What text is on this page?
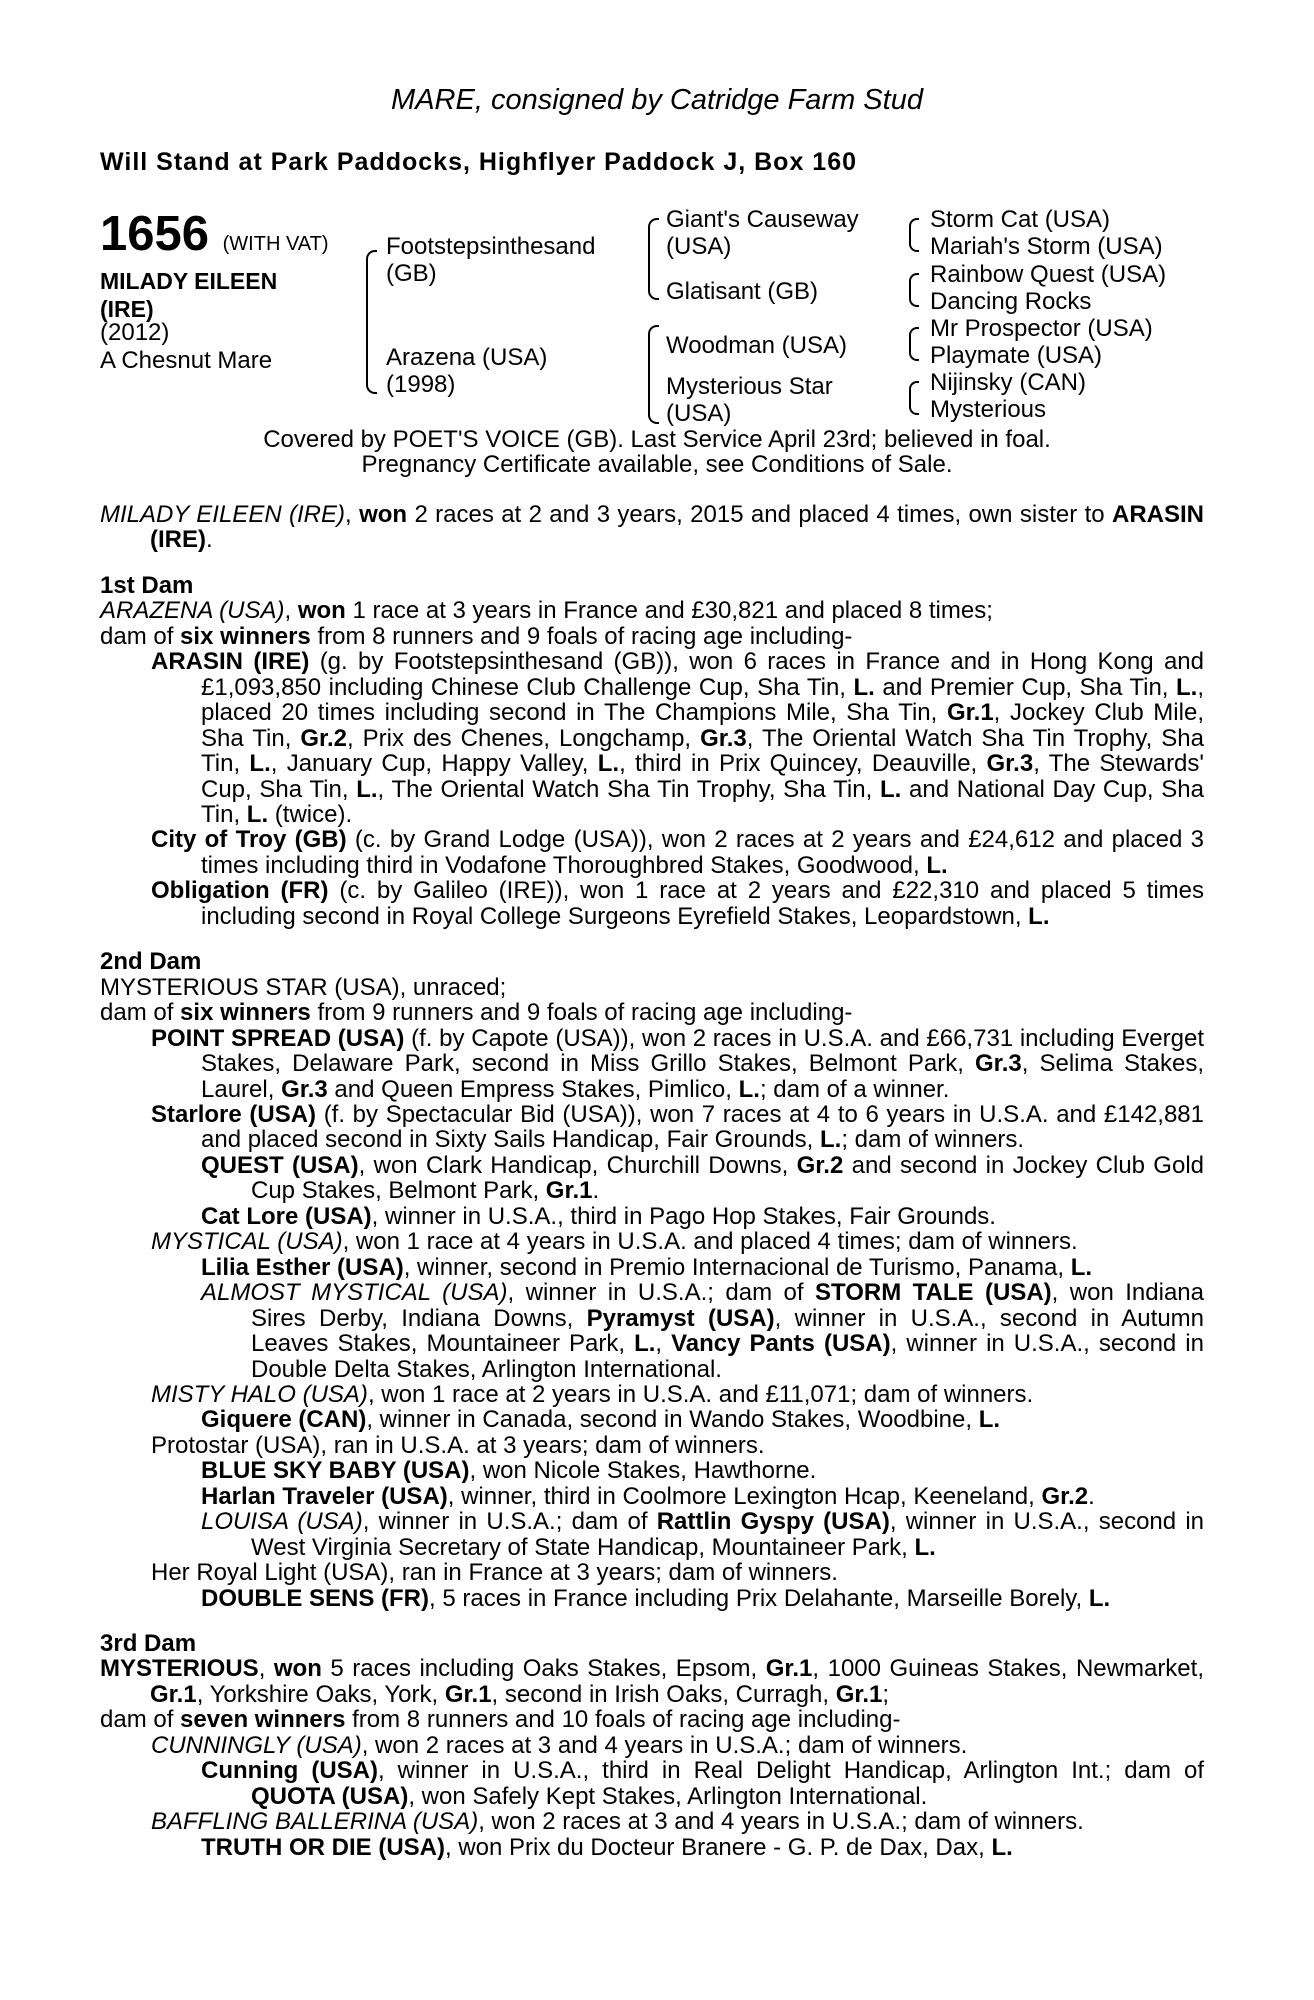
MARE, consigned by Catridge Farm Stud
Will Stand at Park Paddocks, Highflyer Paddock J, Box 160
1656 (WITH VAT)
MILADY EILEEN
(IRE)
(2012)
A Chesnut Mare
Footstepsinthesand
(GB)
Arazena (USA)
(1998)
Giant's Causeway
(USA)
Glatisant (GB)
Woodman (USA)
Mysterious Star
(USA)
Storm Cat (USA)
Mariah's Storm (USA)
Rainbow Quest (USA)
Dancing Rocks
Mr Prospector (USA)
Playmate (USA)
Nijinsky (CAN)
Mysterious
Covered by POET'S VOICE (GB). Last Service April 23rd; believed in foal.
Pregnancy Certificate available, see Conditions of Sale.

MILADY EILEEN (IRE), won 2 races at 2 and 3 years, 2015 and placed 4 times, own sister to ARASIN (IRE).

1st Dam

ARAZENA (USA), won 1 race at 3 years in France and £30,821 and placed 8 times;

dam of six winners from 8 runners and 9 foals of racing age including-

ARASIN (IRE) (g. by Footstepsinthesand (GB)), won 6 races in France and in Hong Kong and £1,093,850 including Chinese Club Challenge Cup, Sha Tin, L. and Premier Cup, Sha Tin, L., placed 20 times including second in The Champions Mile, Sha Tin, Gr.1, Jockey Club Mile, Sha Tin, Gr.2, Prix des Chenes, Longchamp, Gr.3, The Oriental Watch Sha Tin Trophy, Sha Tin, L., January Cup, Happy Valley, L., third in Prix Quincey, Deauville, Gr.3, The Stewards' Cup, Sha Tin, L., The Oriental Watch Sha Tin Trophy, Sha Tin, L. and National Day Cup, Sha Tin, L. (twice).

City of Troy (GB) (c. by Grand Lodge (USA)), won 2 races at 2 years and £24,612 and placed 3 times including third in Vodafone Thoroughbred Stakes, Goodwood, L.

Obligation (FR) (c. by Galileo (IRE)), won 1 race at 2 years and £22,310 and placed 5 times including second in Royal College Surgeons Eyrefield Stakes, Leopardstown, L.

2nd Dam

MYSTERIOUS STAR (USA), unraced;

dam of six winners from 9 runners and 9 foals of racing age including-

POINT SPREAD (USA) (f. by Capote (USA)), won 2 races in U.S.A. and £66,731 including Everget Stakes, Delaware Park, second in Miss Grillo Stakes, Belmont Park, Gr.3, Selima Stakes, Laurel, Gr.3 and Queen Empress Stakes, Pimlico, L.; dam of a winner.

Starlore (USA) (f. by Spectacular Bid (USA)), won 7 races at 4 to 6 years in U.S.A. and £142,881 and placed second in Sixty Sails Handicap, Fair Grounds, L.; dam of winners.

QUEST (USA), won Clark Handicap, Churchill Downs, Gr.2 and second in Jockey Club Gold Cup Stakes, Belmont Park, Gr.1.

Cat Lore (USA), winner in U.S.A., third in Pago Hop Stakes, Fair Grounds.

MYSTICAL (USA), won 1 race at 4 years in U.S.A. and placed 4 times; dam of winners.

Lilia Esther (USA), winner, second in Premio Internacional de Turismo, Panama, L.

ALMOST MYSTICAL (USA), winner in U.S.A.; dam of STORM TALE (USA), won Indiana Sires Derby, Indiana Downs, Pyramyst (USA), winner in U.S.A., second in Autumn Leaves Stakes, Mountaineer Park, L., Vancy Pants (USA), winner in U.S.A., second in Double Delta Stakes, Arlington International.

MISTY HALO (USA), won 1 race at 2 years in U.S.A. and £11,071; dam of winners.

Giquere (CAN), winner in Canada, second in Wando Stakes, Woodbine, L.

Protostar (USA), ran in U.S.A. at 3 years; dam of winners.

BLUE SKY BABY (USA), won Nicole Stakes, Hawthorne.

Harlan Traveler (USA), winner, third in Coolmore Lexington Hcap, Keeneland, Gr.2.

LOUISA (USA), winner in U.S.A.; dam of Rattlin Gyspy (USA), winner in U.S.A., second in West Virginia Secretary of State Handicap, Mountaineer Park, L.

Her Royal Light (USA), ran in France at 3 years; dam of winners.

DOUBLE SENS (FR), 5 races in France including Prix Delahante, Marseille Borely, L.

3rd Dam

MYSTERIOUS, won 5 races including Oaks Stakes, Epsom, Gr.1, 1000 Guineas Stakes, Newmarket, Gr.1, Yorkshire Oaks, York, Gr.1, second in Irish Oaks, Curragh, Gr.1;

dam of seven winners from 8 runners and 10 foals of racing age including-

CUNNINGLY (USA), won 2 races at 3 and 4 years in U.S.A.; dam of winners.

Cunning (USA), winner in U.S.A., third in Real Delight Handicap, Arlington Int.; dam of QUOTA (USA), won Safely Kept Stakes, Arlington International.

BAFFLING BALLERINA (USA), won 2 races at 3 and 4 years in U.S.A.; dam of winners.

TRUTH OR DIE (USA), won Prix du Docteur Branere - G. P. de Dax, Dax, L.
